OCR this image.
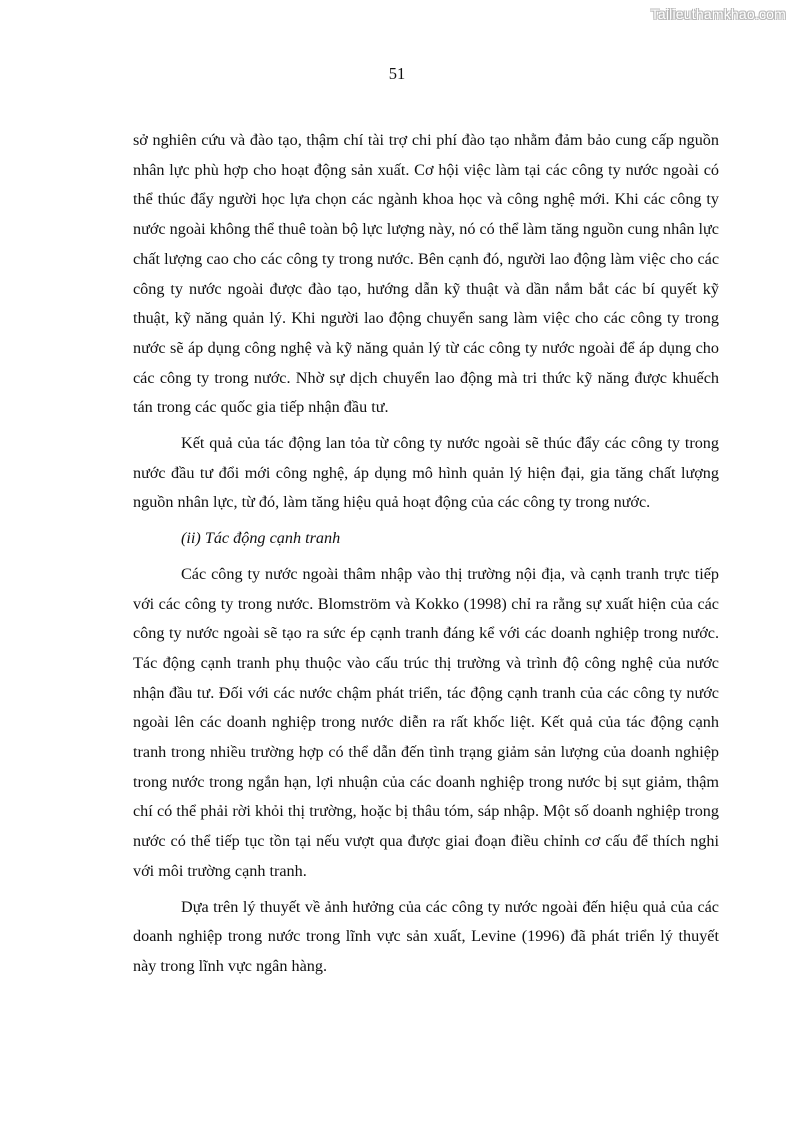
Tailieuthamkhao.com
51

sở nghiên cứu và đào tạo, thậm chí tài trợ chi phí đào tạo nhằm đảm bảo cung cấp nguồn nhân lực phù hợp cho hoạt động sản xuất. Cơ hội việc làm tại các công ty nước ngoài có thể thúc đẩy người học lựa chọn các ngành khoa học và công nghệ mới. Khi các công ty nước ngoài không thể thuê toàn bộ lực lượng này, nó có thể làm tăng nguồn cung nhân lực chất lượng cao cho các công ty trong nước. Bên cạnh đó, người lao động làm việc cho các công ty nước ngoài được đào tạo, hướng dẫn kỹ thuật và dần nắm bắt các bí quyết kỹ thuật, kỹ năng quản lý. Khi người lao động chuyển sang làm việc cho các công ty trong nước sẽ áp dụng công nghệ và kỹ năng quản lý từ các công ty nước ngoài để áp dụng cho các công ty trong nước. Nhờ sự dịch chuyển lao động mà tri thức kỹ năng được khuếch tán trong các quốc gia tiếp nhận đầu tư.

Kết quả của tác động lan tỏa từ công ty nước ngoài sẽ thúc đẩy các công ty trong nước đầu tư đổi mới công nghệ, áp dụng mô hình quản lý hiện đại, gia tăng chất lượng nguồn nhân lực, từ đó, làm tăng hiệu quả hoạt động của các công ty trong nước.

(ii) Tác động cạnh tranh

Các công ty nước ngoài thâm nhập vào thị trường nội địa, và cạnh tranh trực tiếp với các công ty trong nước. Blomström và Kokko (1998) chỉ ra rằng sự xuất hiện của các công ty nước ngoài sẽ tạo ra sức ép cạnh tranh đáng kể với các doanh nghiệp trong nước. Tác động cạnh tranh phụ thuộc vào cấu trúc thị trường và trình độ công nghệ của nước nhận đầu tư. Đối với các nước chậm phát triển, tác động cạnh tranh của các công ty nước ngoài lên các doanh nghiệp trong nước diễn ra rất khốc liệt. Kết quả của tác động cạnh tranh trong nhiều trường hợp có thể dẫn đến tình trạng giảm sản lượng của doanh nghiệp trong nước trong ngắn hạn, lợi nhuận của các doanh nghiệp trong nước bị sụt giảm, thậm chí có thể phải rời khỏi thị trường, hoặc bị thâu tóm, sáp nhập. Một số doanh nghiệp trong nước có thể tiếp tục tồn tại nếu vượt qua được giai đoạn điều chỉnh cơ cấu để thích nghi với môi trường cạnh tranh.

Dựa trên lý thuyết về ảnh hưởng của các công ty nước ngoài đến hiệu quả của các doanh nghiệp trong nước trong lĩnh vực sản xuất, Levine (1996) đã phát triển lý thuyết này trong lĩnh vực ngân hàng.
